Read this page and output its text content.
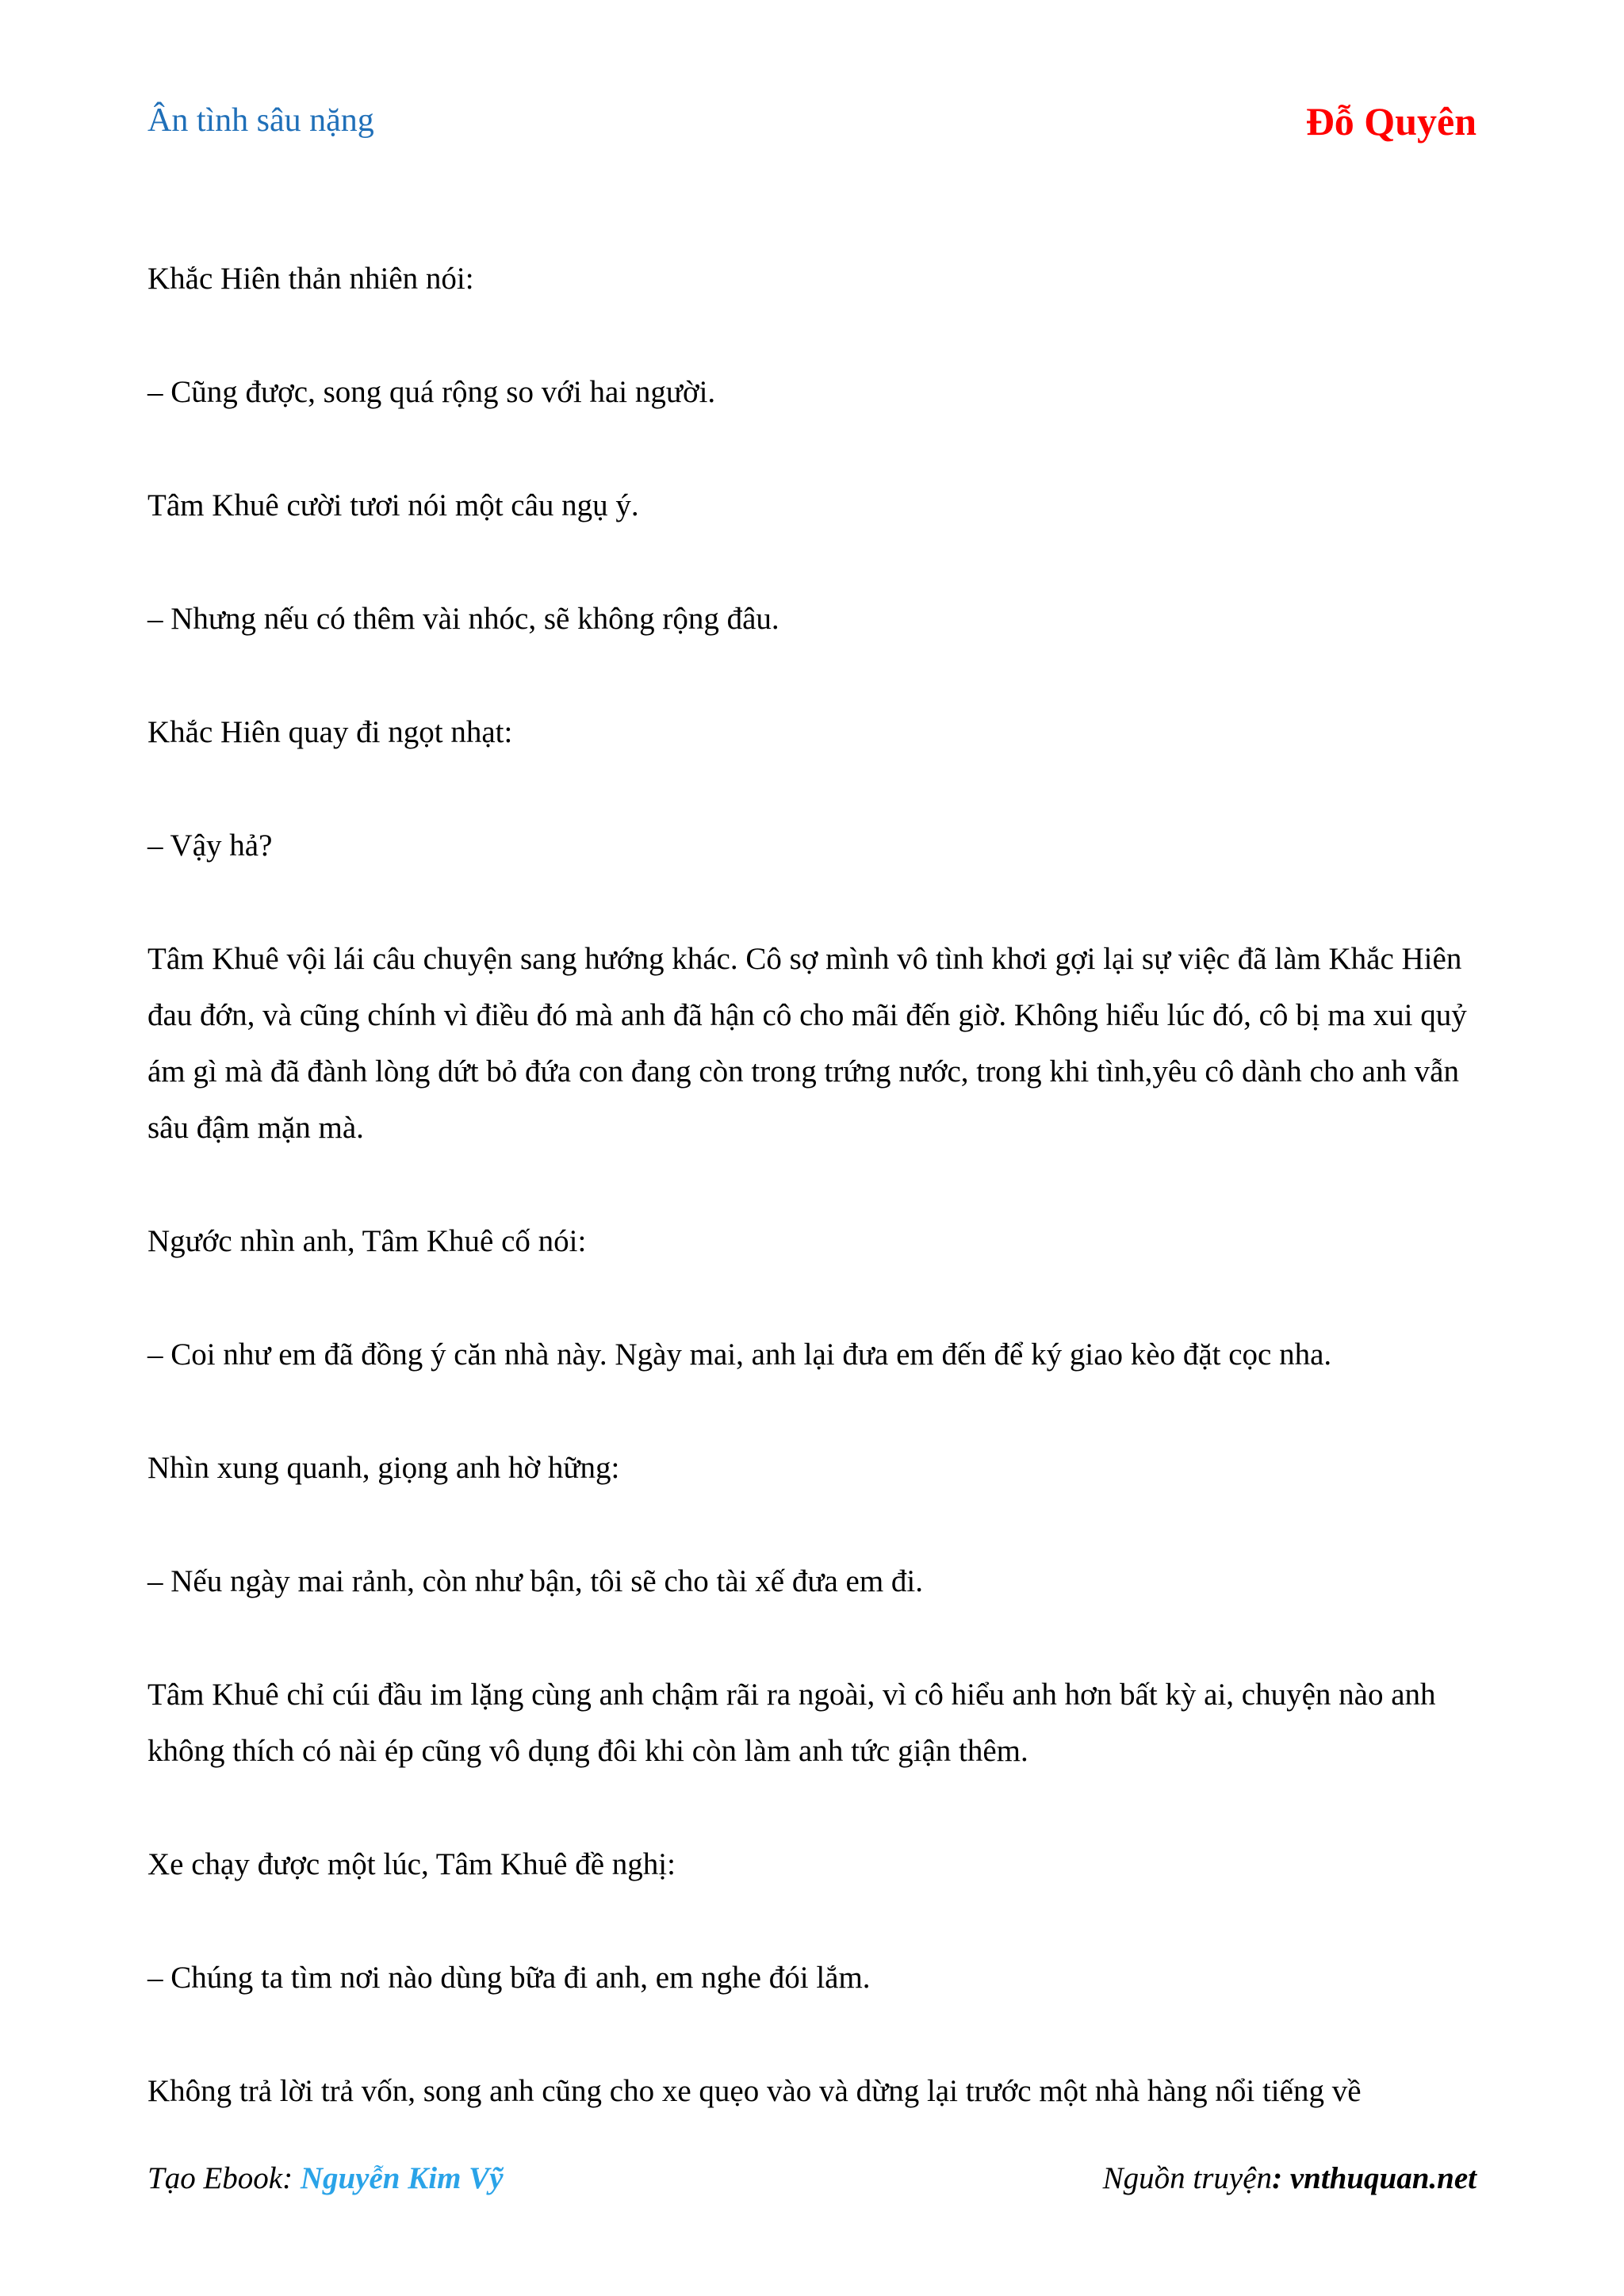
Ân tình sâu nặng	Đỗ Quyên

Khắc Hiên thản nhiên nói:

– Cũng được, song quá rộng so với hai người.

Tâm Khuê cười tươi nói một câu ngụ ý.

– Nhưng nếu có thêm vài nhóc, sẽ không rộng đâu.

Khắc Hiên quay đi ngọt nhạt:

– Vậy hả?

Tâm Khuê vội lái câu chuyện sang hướng khác. Cô sợ mình vô tình khơi gợi lại sự việc đã làm Khắc Hiên đau đớn, và cũng chính vì điều đó mà anh đã hận cô cho mãi đến giờ. Không hiểu lúc đó, cô bị ma xui quỷ ám gì mà đã đành lòng dứt bỏ đứa con đang còn trong trứng nước, trong khi tình,yêu cô dành cho anh vẫn sâu đậm mặn mà.

Ngước nhìn anh, Tâm Khuê cố nói:

– Coi như em đã đồng ý căn nhà này. Ngày mai, anh lại đưa em đến để ký giao kèo đặt cọc nha.

Nhìn xung quanh, giọng anh hờ hững:

– Nếu ngày mai rảnh, còn như bận, tôi sẽ cho tài xế đưa em đi.

Tâm Khuê chỉ cúi đầu im lặng cùng anh chậm rãi ra ngoài, vì cô hiểu anh hơn bất kỳ ai, chuyện nào anh không thích có nài ép cũng vô dụng đôi khi còn làm anh tức giận thêm.

Xe chạy được một lúc, Tâm Khuê đề nghị:

– Chúng ta tìm nơi nào dùng bữa đi anh, em nghe đói lắm.

Không trả lời trả vốn, song anh cũng cho xe quẹo vào và dừng lại trước một nhà hàng nổi tiếng về

Tạo Ebook: Nguyễn Kim Vỹ	Nguồn truyện: vnthuquan.net
